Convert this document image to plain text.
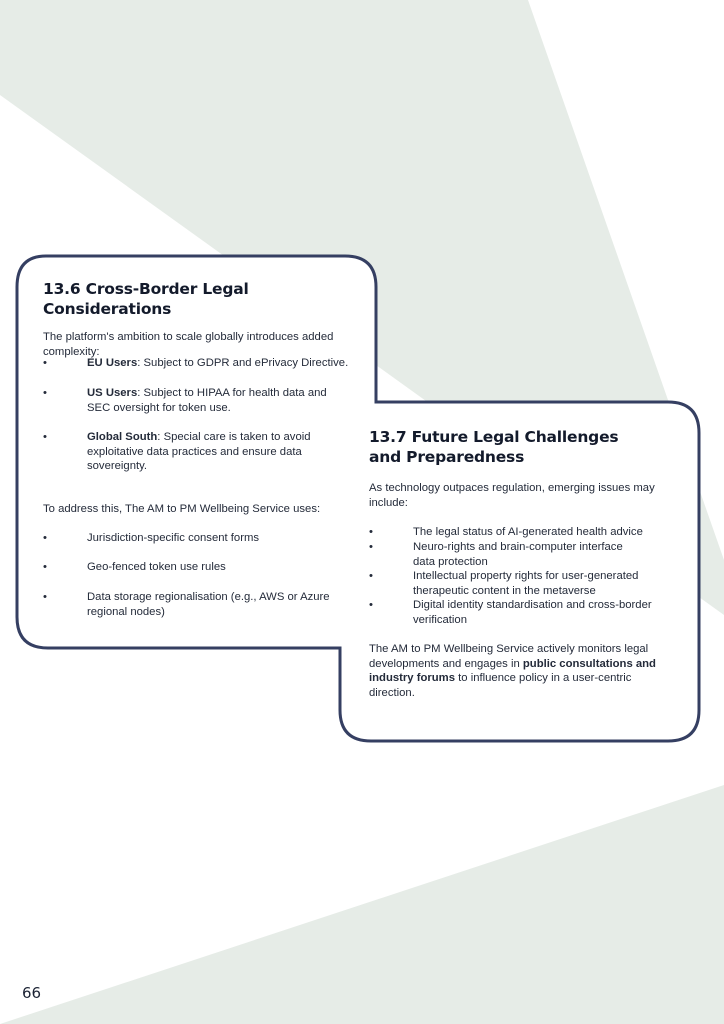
13.6 Cross-Border Legal Considerations

The platform's ambition to scale globally introduces added complexity:

•	EU Users: Subject to GDPR and ePrivacy Directive.
•	US Users: Subject to HIPAA for health data and SEC oversight for token use.
•	Global South: Special care is taken to avoid exploitative data practices and ensure data sovereignty.

To address this, The AM to PM Wellbeing Service uses:

•	Jurisdiction-specific consent forms
•	Geo-fenced token use rules
•	Data storage regionalisation (e.g., AWS or Azure regional nodes)
13.7 Future Legal Challenges and Preparedness

As technology outpaces regulation, emerging issues may include:

•	The legal status of AI-generated health advice
•	Neuro-rights and brain-computer interface data protection
•	Intellectual property rights for user-generated therapeutic content in the metaverse
•	Digital identity standardisation and cross-border verification

The AM to PM Wellbeing Service actively monitors legal developments and engages in public consultations and industry forums to influence policy in a user-centric direction.

66
